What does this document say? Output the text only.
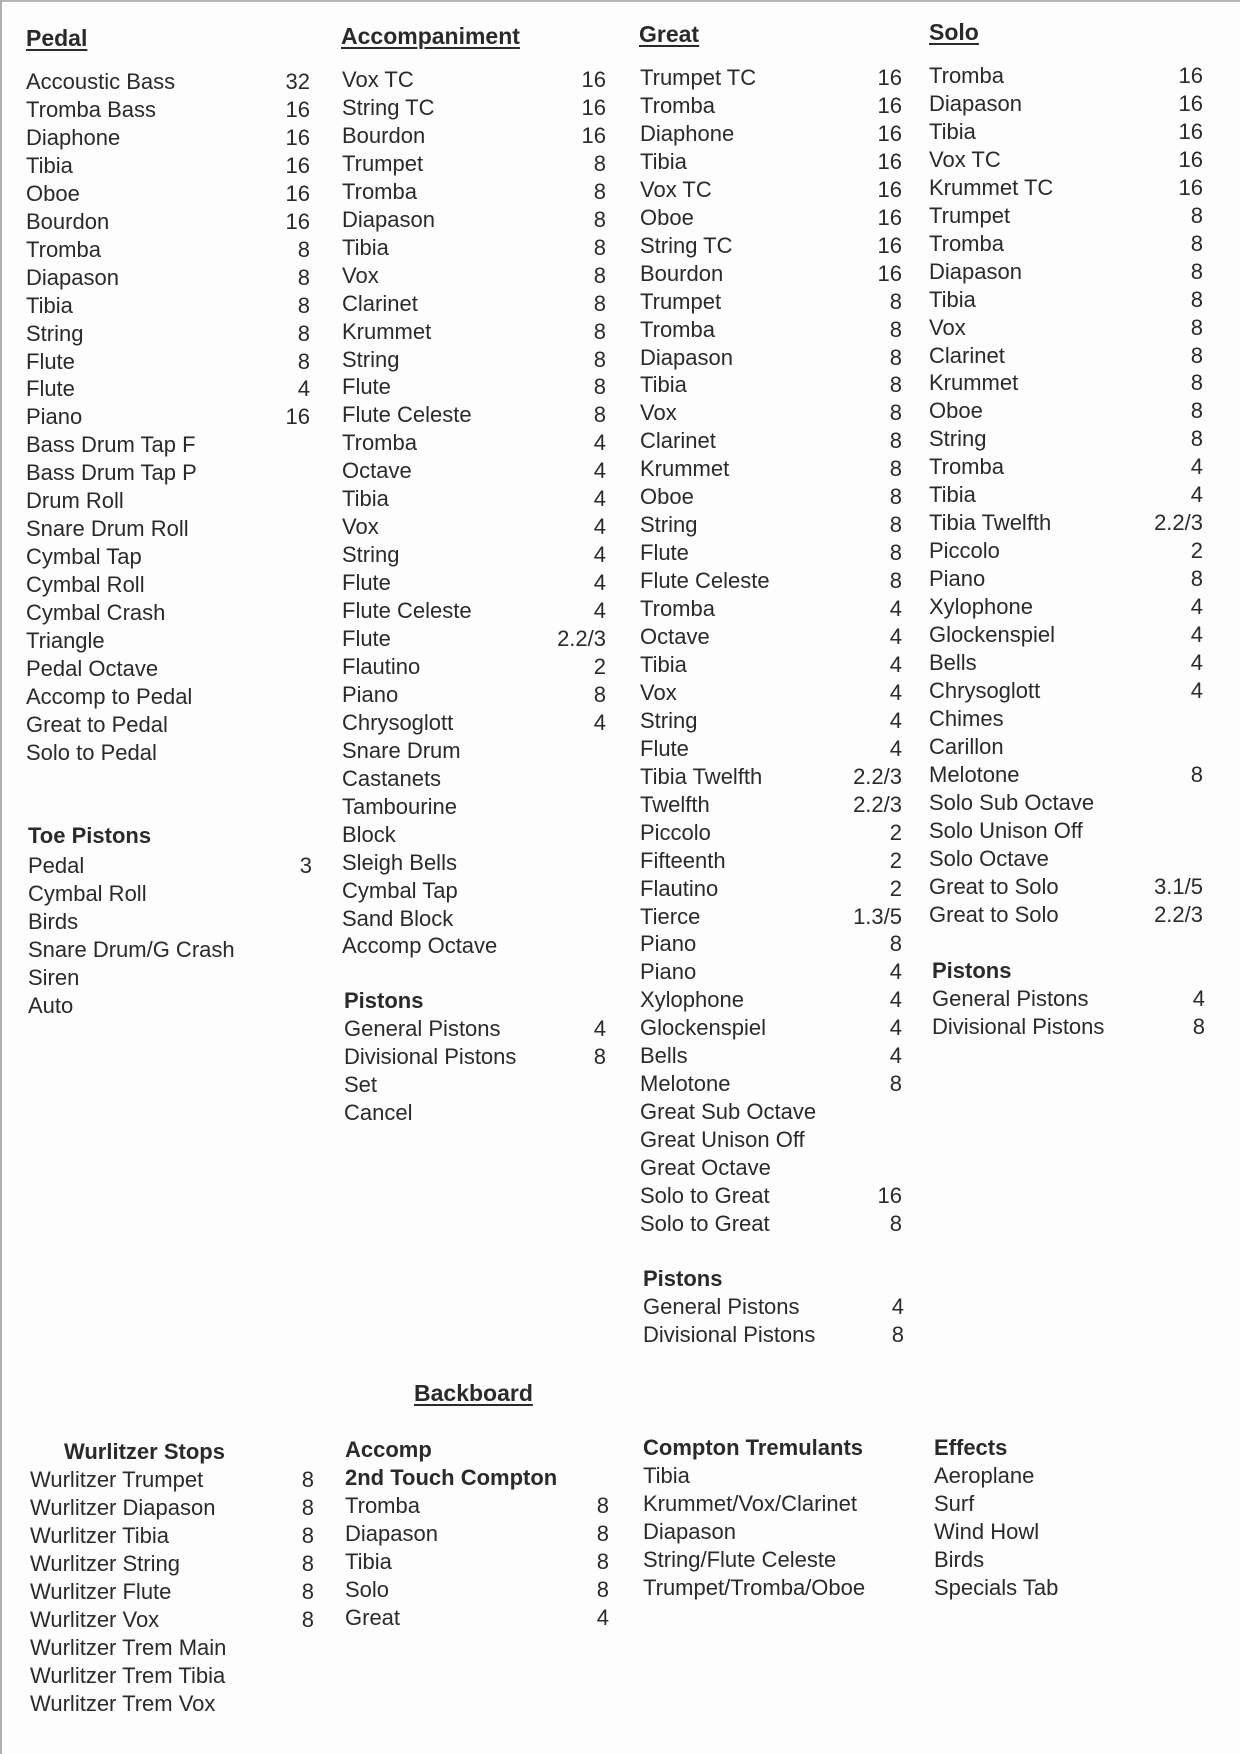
Pedal
Accoustic Bass	32
Tromba Bass	16
Diaphone	16
Tibia	16
Oboe	16
Bourdon	16
Tromba	8
Diapason	8
Tibia	8
String	8
Flute	8
Flute	4
Piano	16
Bass Drum Tap F
Bass Drum Tap P
Drum Roll
Snare Drum Roll
Cymbal Tap
Cymbal Roll
Cymbal Crash
Triangle
Pedal Octave
Accomp to Pedal
Great to Pedal
Solo to Pedal
Toe Pistons
Pedal	3
Cymbal Roll
Birds
Snare Drum/G Crash
Siren
Auto
Accompaniment
Vox TC	16
String TC	16
Bourdon	16
Trumpet	8
Tromba	8
Diapason	8
Tibia	8
Vox	8
Clarinet	8
Krummet	8
String	8
Flute	8
Flute Celeste	8
Tromba	4
Octave	4
Tibia	4
Vox	4
String	4
Flute	4
Flute Celeste	4
Flute	2.2/3
Flautino	2
Piano	8
Chrysoglott	4
Snare Drum
Castanets
Tambourine
Block
Sleigh Bells
Cymbal Tap
Sand Block
Accomp Octave
Pistons
General Pistons	4
Divisional Pistons	8
Set
Cancel
Great
Trumpet TC	16
Tromba	16
Diaphone	16
Tibia	16
Vox TC	16
Oboe	16
String TC	16
Bourdon	16
Trumpet	8
Tromba	8
Diapason	8
Tibia	8
Vox	8
Clarinet	8
Krummet	8
Oboe	8
String	8
Flute	8
Flute Celeste	8
Tromba	4
Octave	4
Tibia	4
Vox	4
String	4
Flute	4
Tibia Twelfth	2.2/3
Twelfth	2.2/3
Piccolo	2
Fifteenth	2
Flautino	2
Tierce	1.3/5
Piano	8
Piano	4
Xylophone	4
Glockenspiel	4
Bells	4
Melotone	8
Great Sub Octave
Great Unison Off
Great Octave
Solo to Great	16
Solo to Great	8
Pistons
General Pistons	4
Divisional Pistons	8
Solo
Tromba	16
Diapason	16
Tibia	16
Vox TC	16
Krummet TC	16
Trumpet	8
Tromba	8
Diapason	8
Tibia	8
Vox	8
Clarinet	8
Krummet	8
Oboe	8
String	8
Tromba	4
Tibia	4
Tibia Twelfth	2.2/3
Piccolo	2
Piano	8
Xylophone	4
Glockenspiel	4
Bells	4
Chrysoglott	4
Chimes
Carillon
Melotone	8
Solo Sub Octave
Solo Unison Off
Solo Octave
Great to Solo	3.1/5
Great to Solo	2.2/3
Pistons
General Pistons	4
Divisional Pistons	8
Backboard
Wurlitzer Stops
Wurlitzer Trumpet	8
Wurlitzer Diapason	8
Wurlitzer Tibia	8
Wurlitzer String	8
Wurlitzer Flute	8
Wurlitzer Vox	8
Wurlitzer Trem Main
Wurlitzer Trem Tibia
Wurlitzer Trem Vox
Accomp
2nd Touch Compton
Tromba	8
Diapason	8
Tibia	8
Solo	8
Great	4
Compton Tremulants
Tibia
Krummet/Vox/Clarinet
Diapason
String/Flute Celeste
Trumpet/Tromba/Oboe
Effects
Aeroplane
Surf
Wind Howl
Birds
Specials Tab
